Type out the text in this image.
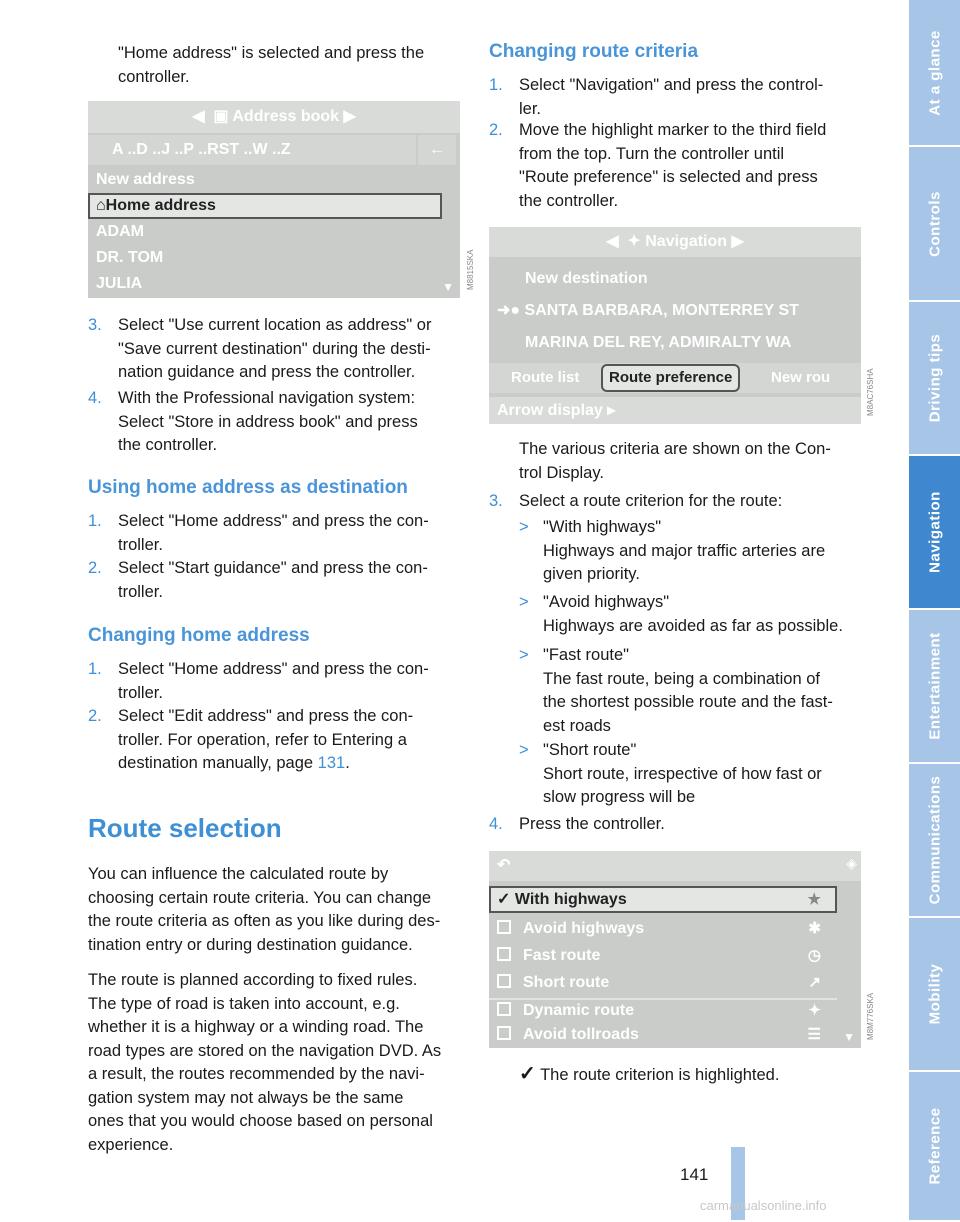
At a glance
Controls
Driving tips
Navigation
Entertainment
Communications
Mobility
Reference
"Home address" is selected and press the
controller.
◀  ▣ Address book ▶
A ..D ..J ..P ..RST ..W ..Z	←
New address
⌂Home address
ADAM
DR. TOM
JULIA	▼ M8815SKA
3. Select "Use current location as address" or
"Save current destination" during the desti-
nation guidance and press the controller.
4. With the Professional navigation system:
Select "Store in address book" and press
the controller.
Using home address as destination
1. Select "Home address" and press the con-
troller.
2. Select "Start guidance" and press the con-
troller.
Changing home address
1. Select "Home address" and press the con-
troller.
2. Select "Edit address" and press the con-
troller. For operation, refer to Entering a
destination manually, page 131.
Route selection
You can influence the calculated route by
choosing certain route criteria. You can change
the route criteria as often as you like during des-
tination entry or during destination guidance.
The route is planned according to fixed rules.
The type of road is taken into account, e.g.
whether it is a highway or a winding road. The
road types are stored on the navigation DVD. As
a result, the routes recommended by the navi-
gation system may not always be the same
ones that you would choose based on personal
experience.
Changing route criteria
1. Select "Navigation" and press the control-
ler.
2. Move the highlight marker to the third field
from the top. Turn the controller until
"Route preference" is selected and press
the controller.
◀  ✦ Navigation ▶
New destination
➜● SANTA BARBARA, MONTERREY ST
MARINA DEL REY, ADMIRALTY WA
Route list	Route preference	New rou
Arrow display ▸	M8AC76SHA
The various criteria are shown on the Con-
trol Display.
3. Select a route criterion for the route:
> "With highways"
Highways and major traffic arteries are
given priority.
> "Avoid highways"
Highways are avoided as far as possible.
> "Fast route"
The fast route, being a combination of
the shortest possible route and the fast-
est roads
> "Short route"
Short route, irrespective of how fast or
slow progress will be
4. Press the controller.
↶	◈
✓ With highways	★
Avoid highways	✱
Fast route	◷
Short route	↗
Dynamic route	✦
Avoid tollroads	☰ ▼ M8M776SKA
✓ The route criterion is highlighted.
141
carmanualsonline.info
